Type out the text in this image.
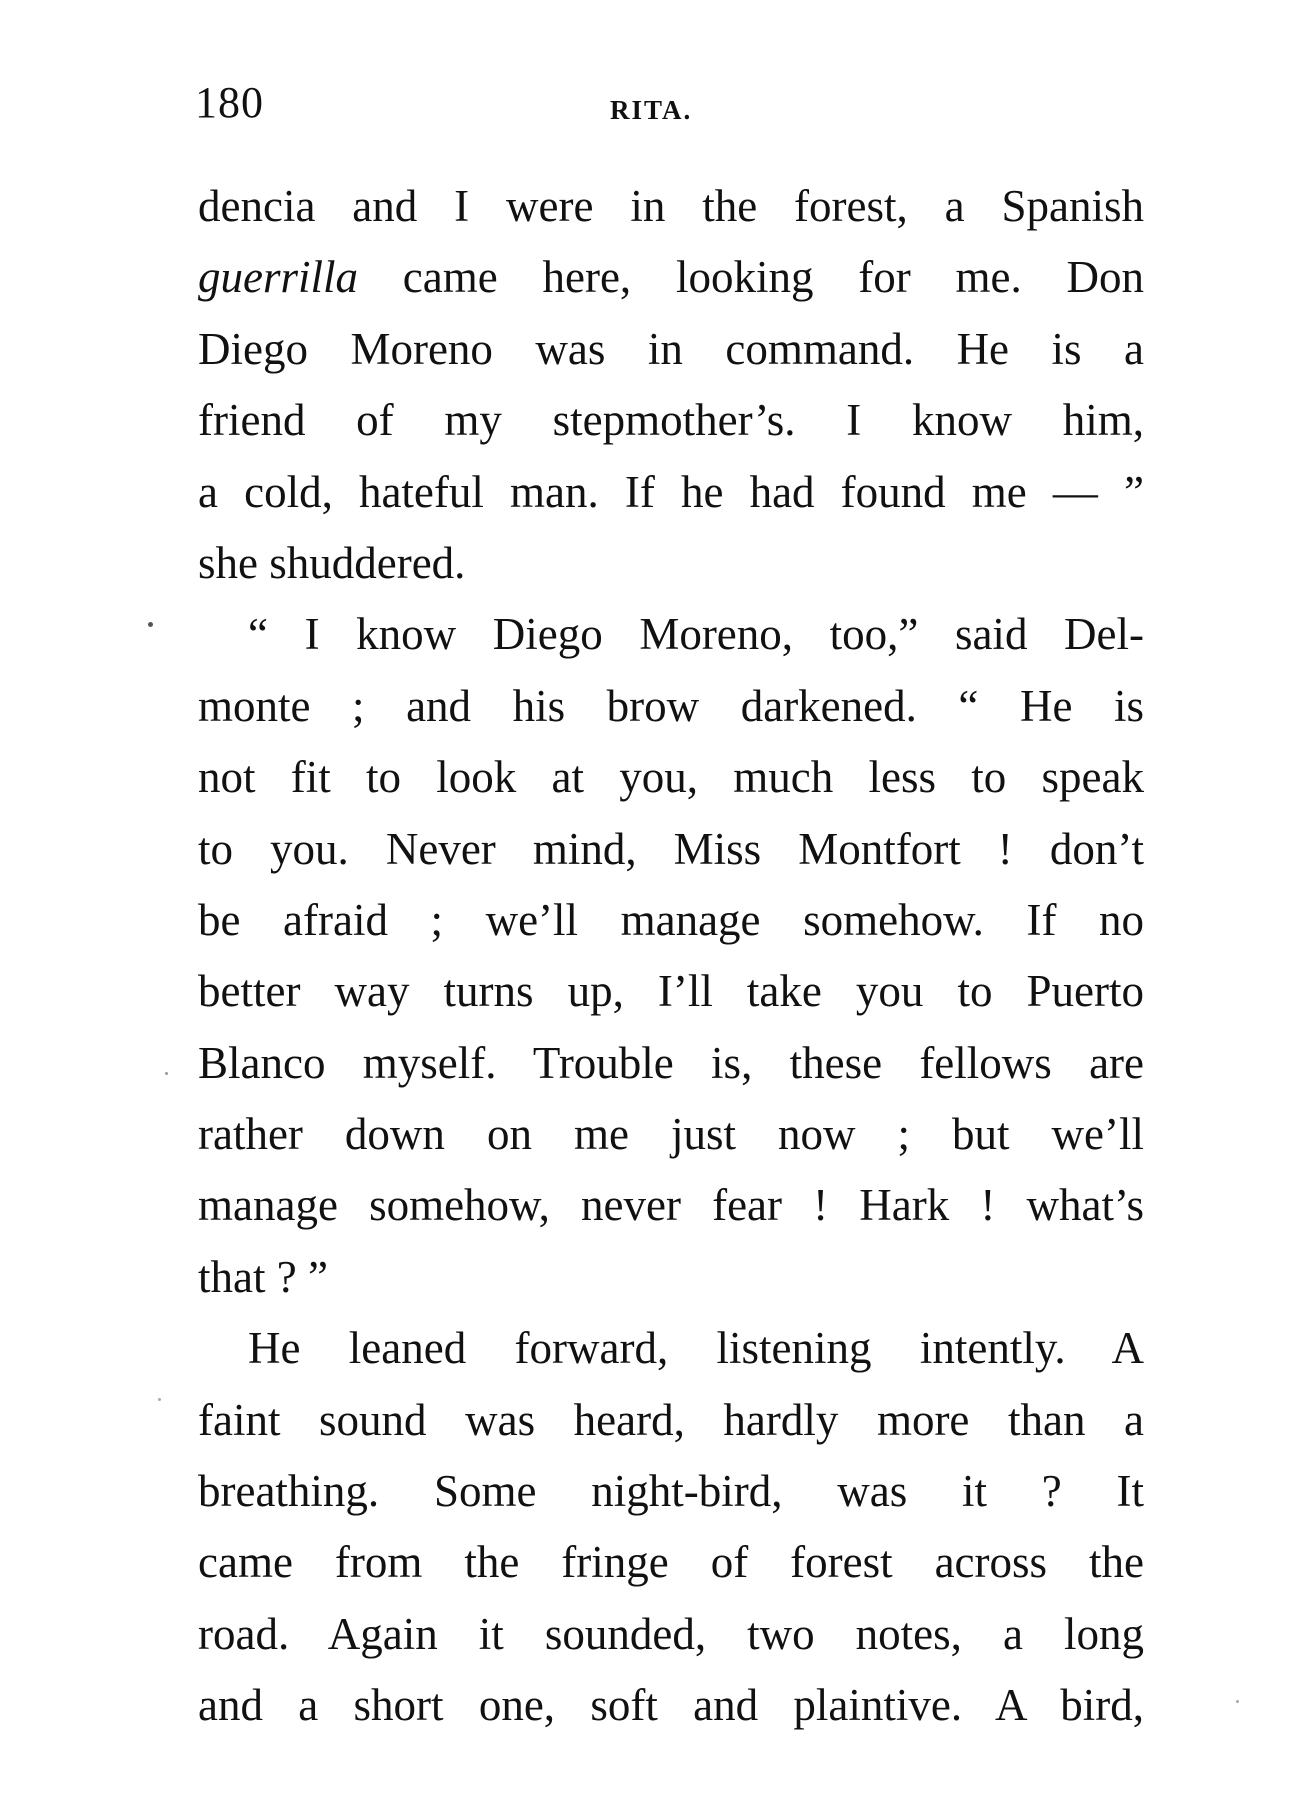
180	RITA.
dencia and I were in the forest, a Spanish
guerrilla came here, looking for me. Don
Diego Moreno was in command. He is a
friend of my stepmother’s. I know him,
a cold, hateful man. If he had found me — ”
she shuddered.
“ I know Diego Moreno, too,” said Del-
monte ; and his brow darkened. “ He is
not fit to look at you, much less to speak
to you. Never mind, Miss Montfort ! don’t
be afraid ; we’ll manage somehow. If no
better way turns up, I’ll take you to Puerto
Blanco myself. Trouble is, these fellows are
rather down on me just now ; but we’ll
manage somehow, never fear ! Hark ! what’s
that ? ”
He leaned forward, listening intently. A
faint sound was heard, hardly more than a
breathing. Some night-bird, was it ? It
came from the fringe of forest across the
road. Again it sounded, two notes, a long
and a short one, soft and plaintive. A bird,
